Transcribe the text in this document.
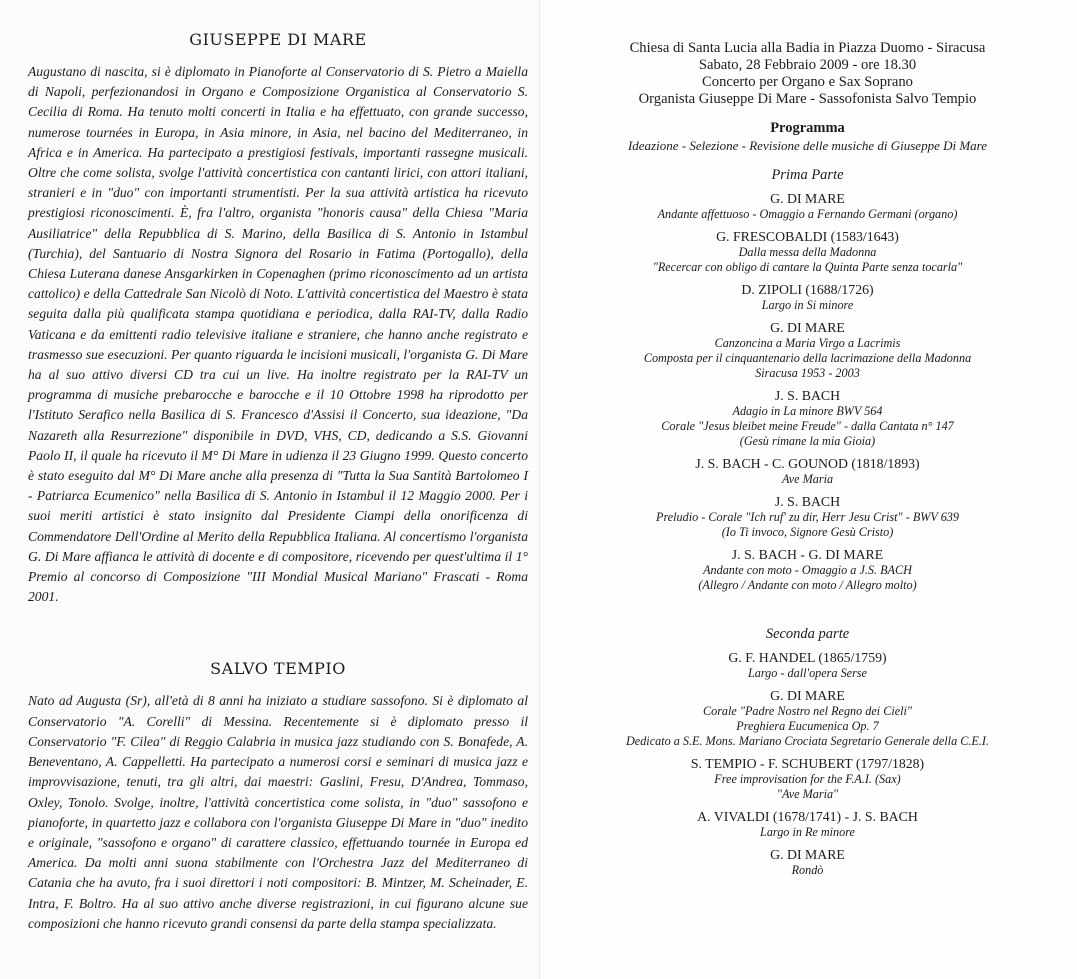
GIUSEPPE DI MARE

Augustano di nascita, si è diplomato in Pianoforte al Conservatorio di S. Pietro a Maiella di Napoli, perfezionandosi in Organo e Composizione Organistica al Conservatorio S. Cecilia di Roma. Ha tenuto molti concerti in Italia e ha effettuato, con grande successo, numerose tournées in Europa, in Asia minore, in Asia, nel bacino del Mediterraneo, in Africa e in America. Ha partecipato a prestigiosi festivals, importanti rassegne musicali. Oltre che come solista, svolge l'attività concertistica con cantanti lirici, con attori italiani, stranieri e in "duo" con importanti strumentisti. Per la sua attività artistica ha ricevuto prestigiosi riconoscimenti. È, fra l'altro, organista "honoris causa" della Chiesa "Maria Ausiliatrice" della Repubblica di S. Marino, della Basilica di S. Antonio in Istambul (Turchia), del Santuario di Nostra Signora del Rosario in Fatima (Portogallo), della Chiesa Luterana danese Ansgarkirken in Copenaghen (primo riconoscimento ad un artista cattolico) e della Cattedrale San Nicolò di Noto. L'attività concertistica del Maestro è stata seguita dalla più qualificata stampa quotidiana e periodica, dalla RAI-TV, dalla Radio Vaticana e da emittenti radio televisive italiane e straniere, che hanno anche registrato e trasmesso sue esecuzioni. Per quanto riguarda le incisioni musicali, l'organista G. Di Mare ha al suo attivo diversi CD tra cui un live. Ha inoltre registrato per la RAI-TV un programma di musiche prebarocche e barocche e il 10 Ottobre 1998 ha riprodotto per l'Istituto Serafico nella Basilica di S. Francesco d'Assisi il Concerto, sua ideazione, "Da Nazareth alla Resurrezione" disponibile in DVD, VHS, CD, dedicando a S.S. Giovanni Paolo II, il quale ha ricevuto il M° Di Mare in udienza il 23 Giugno 1999. Questo concerto è stato eseguito dal M° Di Mare anche alla presenza di "Tutta la Sua Santità Bartolomeo I - Patriarca Ecumenico" nella Basilica di S. Antonio in Istambul il 12 Maggio 2000. Per i suoi meriti artistici è stato insignito dal Presidente Ciampi della onorificenza di Commendatore Dell'Ordine al Merito della Repubblica Italiana. Al concertismo l'organista G. Di Mare affianca le attività di docente e di compositore, ricevendo per quest'ultima il 1° Premio al concorso di Composizione "III Mondial Musical Mariano" Frascati - Roma 2001.

SALVO TEMPIO

Nato ad Augusta (Sr), all'età di 8 anni ha iniziato a studiare sassofono. Si è diplomato al Conservatorio "A. Corelli" di Messina. Recentemente si è diplomato presso il Conservatorio "F. Cilea" di Reggio Calabria in musica jazz studiando con S. Bonafede, A. Beneventano, A. Cappelletti. Ha partecipato a numerosi corsi e seminari di musica jazz e improvvisazione, tenuti, tra gli altri, dai maestri: Gaslini, Fresu, D'Andrea, Tommaso, Oxley, Tonolo. Svolge, inoltre, l'attività concertistica come solista, in "duo" sassofono e pianoforte, in quartetto jazz e collabora con l'organista Giuseppe Di Mare in "duo" inedito e originale, "sassofono e organo" di carattere classico, effettuando tournée in Europa ed America. Da molti anni suona stabilmente con l'Orchestra Jazz del Mediterraneo di Catania che ha avuto, fra i suoi direttori i noti compositori: B. Mintzer, M. Scheinader, E. Intra, F. Boltro. Ha al suo attivo anche diverse registrazioni, in cui figurano alcune sue composizioni che hanno ricevuto grandi consensi da parte della stampa specializzata.

Chiesa di Santa Lucia alla Badia in Piazza Duomo - Siracusa
Sabato, 28 Febbraio 2009 - ore 18.30
Concerto per Organo e Sax Soprano
Organista Giuseppe Di Mare - Sassofonista Salvo Tempio
Programma
Ideazione - Selezione - Revisione delle musiche di Giuseppe Di Mare
Prima Parte
G. DI MARE
Andante affettuoso - Omaggio a Fernando Germani (organo)
G. FRESCOBALDI (1583/1643)
Dalla messa della Madonna
"Recercar con obligo di cantare la Quinta Parte senza tocarla"
D. ZIPOLI (1688/1726)
Largo in Si minore
G. DI MARE
Canzoncina a Maria Virgo a Lacrimis
Composta per il cinquantenario della lacrimazione della Madonna
Siracusa 1953 - 2003
J. S. BACH
Adagio in La minore BWV 564
Corale "Jesus bleibet meine Freude" - dalla Cantata n° 147
(Gesù rimane la mia Gioia)
J. S. BACH - C. GOUNOD (1818/1893)
Ave Maria
J. S. BACH
Preludio - Corale "Ich ruf' zu dir, Herr Jesu Crist" - BWV 639
(Io Ti invoco, Signore Gesù Cristo)
J. S. BACH - G. DI MARE
Andante con moto - Omaggio a J.S. BACH
(Allegro / Andante con moto / Allegro molto)
Seconda parte
G. F. HANDEL (1865/1759)
Largo - dall'opera Serse
G. DI MARE
Corale "Padre Nostro nel Regno dei Cieli"
Preghiera Eucumenica Op. 7
Dedicato a S.E. Mons. Mariano Crociata Segretario Generale della C.E.I.
S. TEMPIO - F. SCHUBERT (1797/1828)
Free improvisation for the F.A.I. (Sax)
"Ave Maria"
A. VIVALDI (1678/1741) - J. S. BACH
Largo in Re minore
G. DI MARE
Rondò
